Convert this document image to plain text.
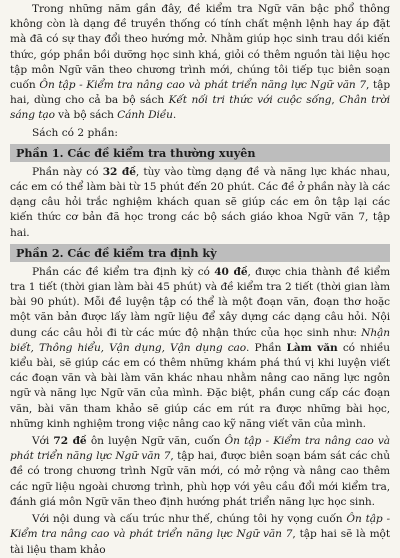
Trong những năm gần đây, đề kiểm tra Ngữ văn bậc phổ thông không còn là dạng đề truyền thống có tính chất mệnh lệnh hay áp đặt mà đã có sự thay đổi theo hướng mở. Nhằm giúp học sinh trau dồi kiến thức, góp phần bồi dưỡng học sinh khá, giỏi có thêm nguồn tài liệu học tập môn Ngữ văn theo chương trình mới, chúng tôi tiếp tục biên soạn cuốn Ôn tập - Kiểm tra nâng cao và phát triển năng lực Ngữ văn 7, tập hai, dùng cho cả ba bộ sách Kết nối tri thức với cuộc sống, Chân trời sáng tạo và bộ sách Cánh Diều.

Sách có 2 phần:

Phần 1. Các đề kiểm tra thường xuyên

Phần này có 32 đề, tùy vào từng dạng đề và năng lực khác nhau, các em có thể làm bài từ 15 phút đến 20 phút. Các đề ở phần này là các dạng câu hỏi trắc nghiệm khách quan sẽ giúp các em ôn tập lại các kiến thức cơ bản đã học trong các bộ sách giáo khoa Ngữ văn 7, tập hai.

Phần 2. Các đề kiểm tra định kỳ

Phần các đề kiểm tra định kỳ có 40 đề, được chia thành đề kiểm tra 1 tiết (thời gian làm bài 45 phút) và đề kiểm tra 2 tiết (thời gian làm bài 90 phút). Mỗi đề luyện tập có thể là một đoạn văn, đoạn thơ hoặc một văn bản được lấy làm ngữ liệu để xây dựng các dạng câu hỏi. Nội dung các câu hỏi đi từ các mức độ nhận thức của học sinh như: Nhận biết, Thông hiểu, Vận dụng, Vận dụng cao. Phần Làm văn có nhiều kiểu bài, sẽ giúp các em có thêm những khám phá thú vị khi luyện viết các đoạn văn và bài làm văn khác nhau nhằm nâng cao năng lực ngôn ngữ và năng lực Ngữ văn của mình. Đặc biệt, phần cung cấp các đoạn văn, bài văn tham khảo sẽ giúp các em rút ra được những bài học, những kinh nghiệm trong việc nâng cao kỹ năng viết văn của mình.

Với 72 đề ôn luyện Ngữ văn, cuốn Ôn tập - Kiểm tra nâng cao và phát triển năng lực Ngữ văn 7, tập hai, được biên soạn bám sát các chủ đề có trong chương trình Ngữ văn mới, có mở rộng và nâng cao thêm các ngữ liệu ngoài chương trình, phù hợp với yêu cầu đổi mới kiểm tra, đánh giá môn Ngữ văn theo định hướng phát triển năng lực học sinh.

Với nội dung và cấu trúc như thế, chúng tôi hy vọng cuốn Ôn tập - Kiểm tra nâng cao và phát triển năng lực Ngữ văn 7, tập hai sẽ là một tài liệu tham khảo
